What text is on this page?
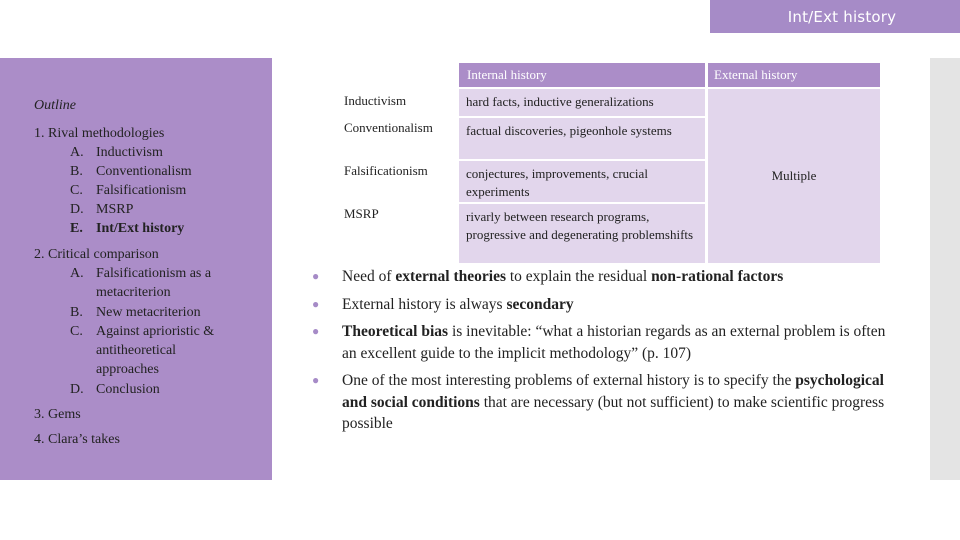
Int/Ext history
Outline
1. Rival methodologies
A. Inductivism
B. Conventionalism
C. Falsificationism
D. MSRP
E. Int/Ext history
2. Critical comparison
A. Falsificationism as a metacriterion
B. New metacriterion
C. Against aprioristic & antitheoretical approaches
D. Conclusion
3. Gems
4. Clara’s takes
Internal history	External history
Inductivism	hard facts, inductive generalizations
Conventionalism	factual discoveries, pigeonhole systems
Falsificationism	conjectures, improvements, crucial experiments
MSRP	rivarly between research programs, progressive and degenerating problemshifts
Multiple
● Need of external theories to explain the residual non-rational factors
● External history is always secondary
● Theoretical bias is inevitable: “what a historian regards as an external problem is often an excellent guide to the implicit methodology” (p. 107)
● One of the most interesting problems of external history is to specify the psychological and social conditions that are necessary (but not sufficient) to make scientific progress possible
